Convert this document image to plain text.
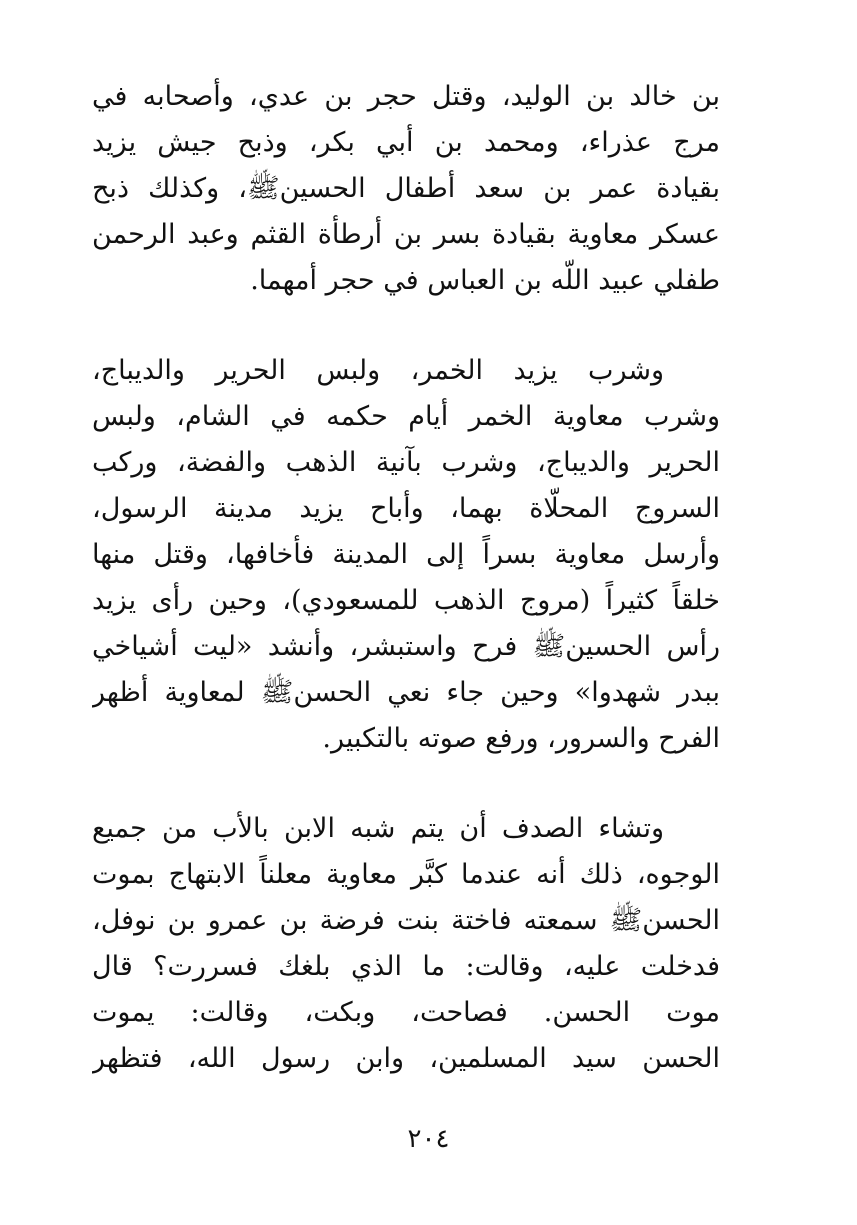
بن خالد بن الوليد، وقتل حجر بن عدي، وأصحابه في
مرج عذراء، ومحمد بن أبي بكر، وذبح جيش يزيد
بقيادة عمر بن سعد أطفال الحسينﷺ، وكذلك ذبح
عسكر معاوية بقيادة بسر بن أرطأة القثم وعبد الرحمن
طفلي عبيد اللّه بن العباس في حجر أمهما.
وشرب يزيد الخمر، ولبس الحرير والديباج،
وشرب معاوية الخمر أيام حكمه في الشام، ولبس
الحرير والديباج، وشرب بآنية الذهب والفضة، وركب
السروج المحلّاة بهما، وأباح يزيد مدينة الرسول،
وأرسل معاوية بسراً إلى المدينة فأخافها، وقتل منها
خلقاً كثيراً (مروج الذهب للمسعودي)، وحين رأى يزيد
رأس الحسينﷺ فرح واستبشر، وأنشد «ليت أشياخي
ببدر شهدوا» وحين جاء نعي الحسنﷺ لمعاوية أظهر
الفرح والسرور، ورفع صوته بالتكبير.
وتشاء الصدف أن يتم شبه الابن بالأب من جميع
الوجوه، ذلك أنه عندما كبَّر معاوية معلناً الابتهاج بموت
الحسنﷺ سمعته فاختة بنت فرضة بن عمرو بن نوفل،
فدخلت عليه، وقالت: ما الذي بلغك فسررت؟ قال
موت الحسن. فصاحت، وبكت، وقالت: يموت
الحسن سيد المسلمين، وابن رسول الله، فتظهر
٢٠٤
